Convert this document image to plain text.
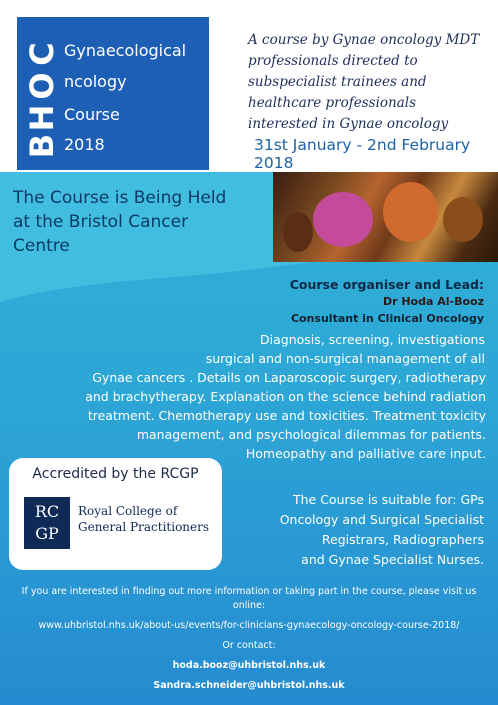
B
H
O
C Gynaecological
ncology
Course
2018
A course by Gynae oncology MDT professionals directed to subspecialist trainees and healthcare professionals interested in Gynae oncology
31st January - 2nd February 2018
The Course is Being Held
at the Bristol Cancer
Centre
Course organiser and Lead:
Dr Hoda Al-Booz
Consultant in Clinical Oncology
Diagnosis, screening, investigations
surgical and non-surgical management of all
Gynae cancers . Details on Laparoscopic surgery, radiotherapy
and brachytherapy. Explanation on the science behind radiation
treatment. Chemotherapy use and toxicities. Treatment toxicity
management, and psychological dilemmas for patients.
Homeopathy and palliative care input.
Accredited by the RCGP
RC
GP
Royal College of
General Practitioners
The Course is suitable for: GPs
Oncology and Surgical Specialist
Registrars, Radiographers
and Gynae Specialist Nurses.
If you are interested in finding out more information or taking part in the course, please visit us
online:
www.uhbristol.nhs.uk/about-us/events/for-clinicians-gynaecology-oncology-course-2018/
Or contact:
hoda.booz@uhbristol.nhs.uk
Sandra.schneider@uhbristol.nhs.uk
